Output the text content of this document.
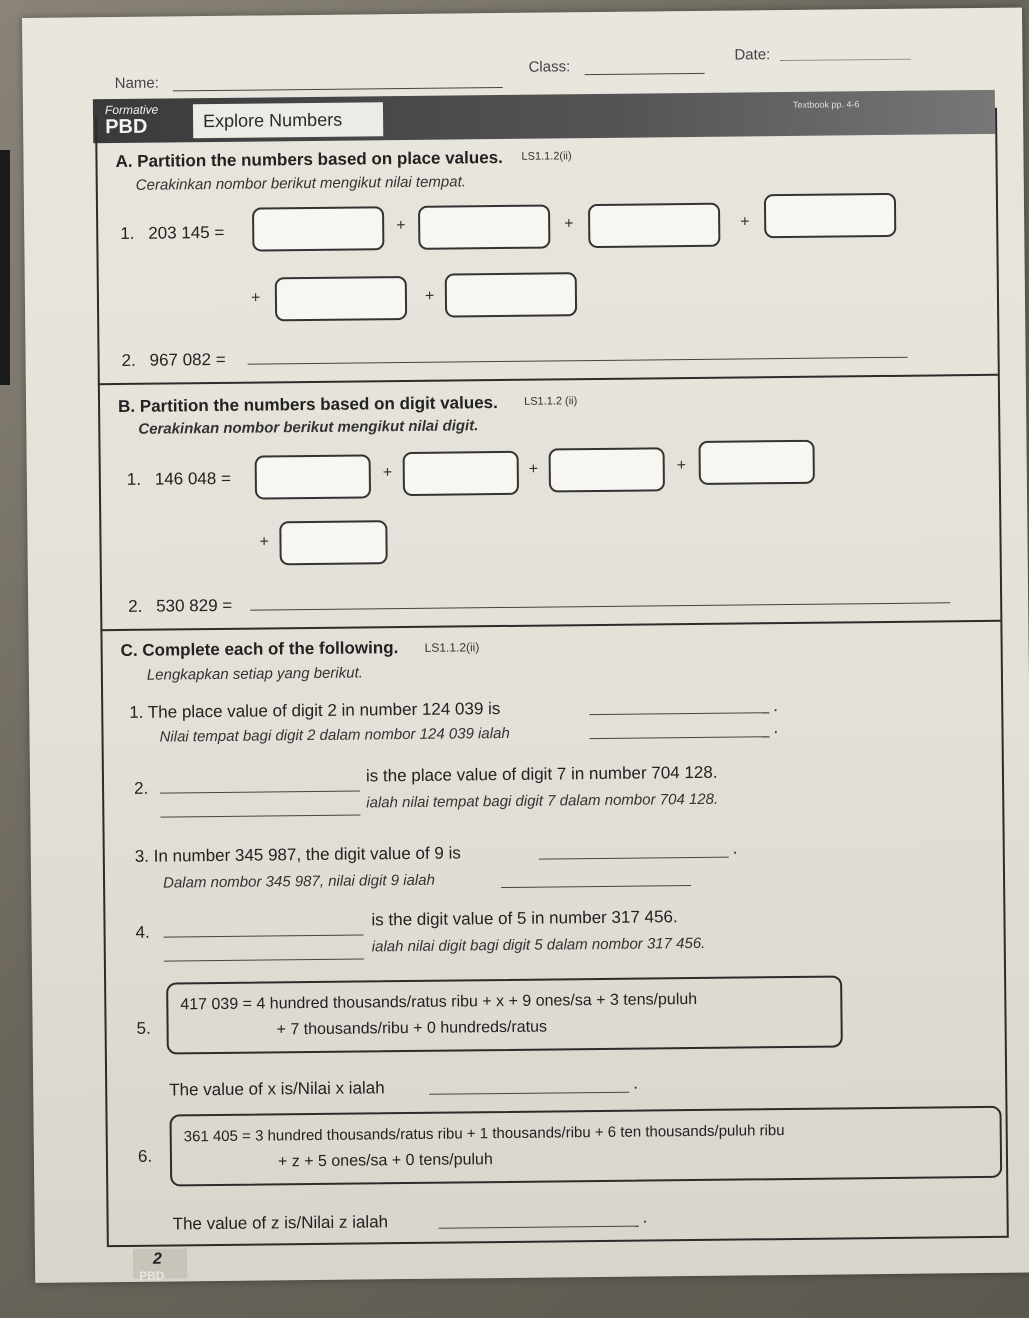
Name:
Class:
Date:
Formative
PBD	Explore Numbers
Textbook pp. 4-6
A. Partition the numbers based on place values. LS1.1.2(ii)
Cerakinkan nombor berikut mengikut nilai tempat.
1. 203 145 =	+	+	+
+	+
2. 967 082 =
B. Partition the numbers based on digit values. LS1.1.2 (ii)
Cerakinkan nombor berikut mengikut nilai digit.
1. 146 048 =	+	+	+
+
2. 530 829 =
C. Complete each of the following. LS1.1.2(ii)
Lengkapkan setiap yang berikut.
1. The place value of digit 2 in number 124 039 is	.
Nilai tempat bagi digit 2 dalam nombor 124 039 ialah	.
2.
is the place value of digit 7 in number 704 128.
ialah nilai tempat bagi digit 7 dalam nombor 704 128.
3. In number 345 987, the digit value of 9 is	.
Dalam nombor 345 987, nilai digit 9 ialah
4.
is the digit value of 5 in number 317 456.
ialah nilai digit bagi digit 5 dalam nombor 317 456.
5.
417 039 = 4 hundred thousands/ratus ribu + x + 9 ones/sa + 3 tens/puluh
+ 7 thousands/ribu + 0 hundreds/ratus
The value of x is/Nilai x ialah	.
6.
361 405 = 3 hundred thousands/ratus ribu + 1 thousands/ribu + 6 ten thousands/puluh ribu
+ z + 5 ones/sa + 0 tens/puluh
The value of z is/Nilai z ialah	.
2
PBD
